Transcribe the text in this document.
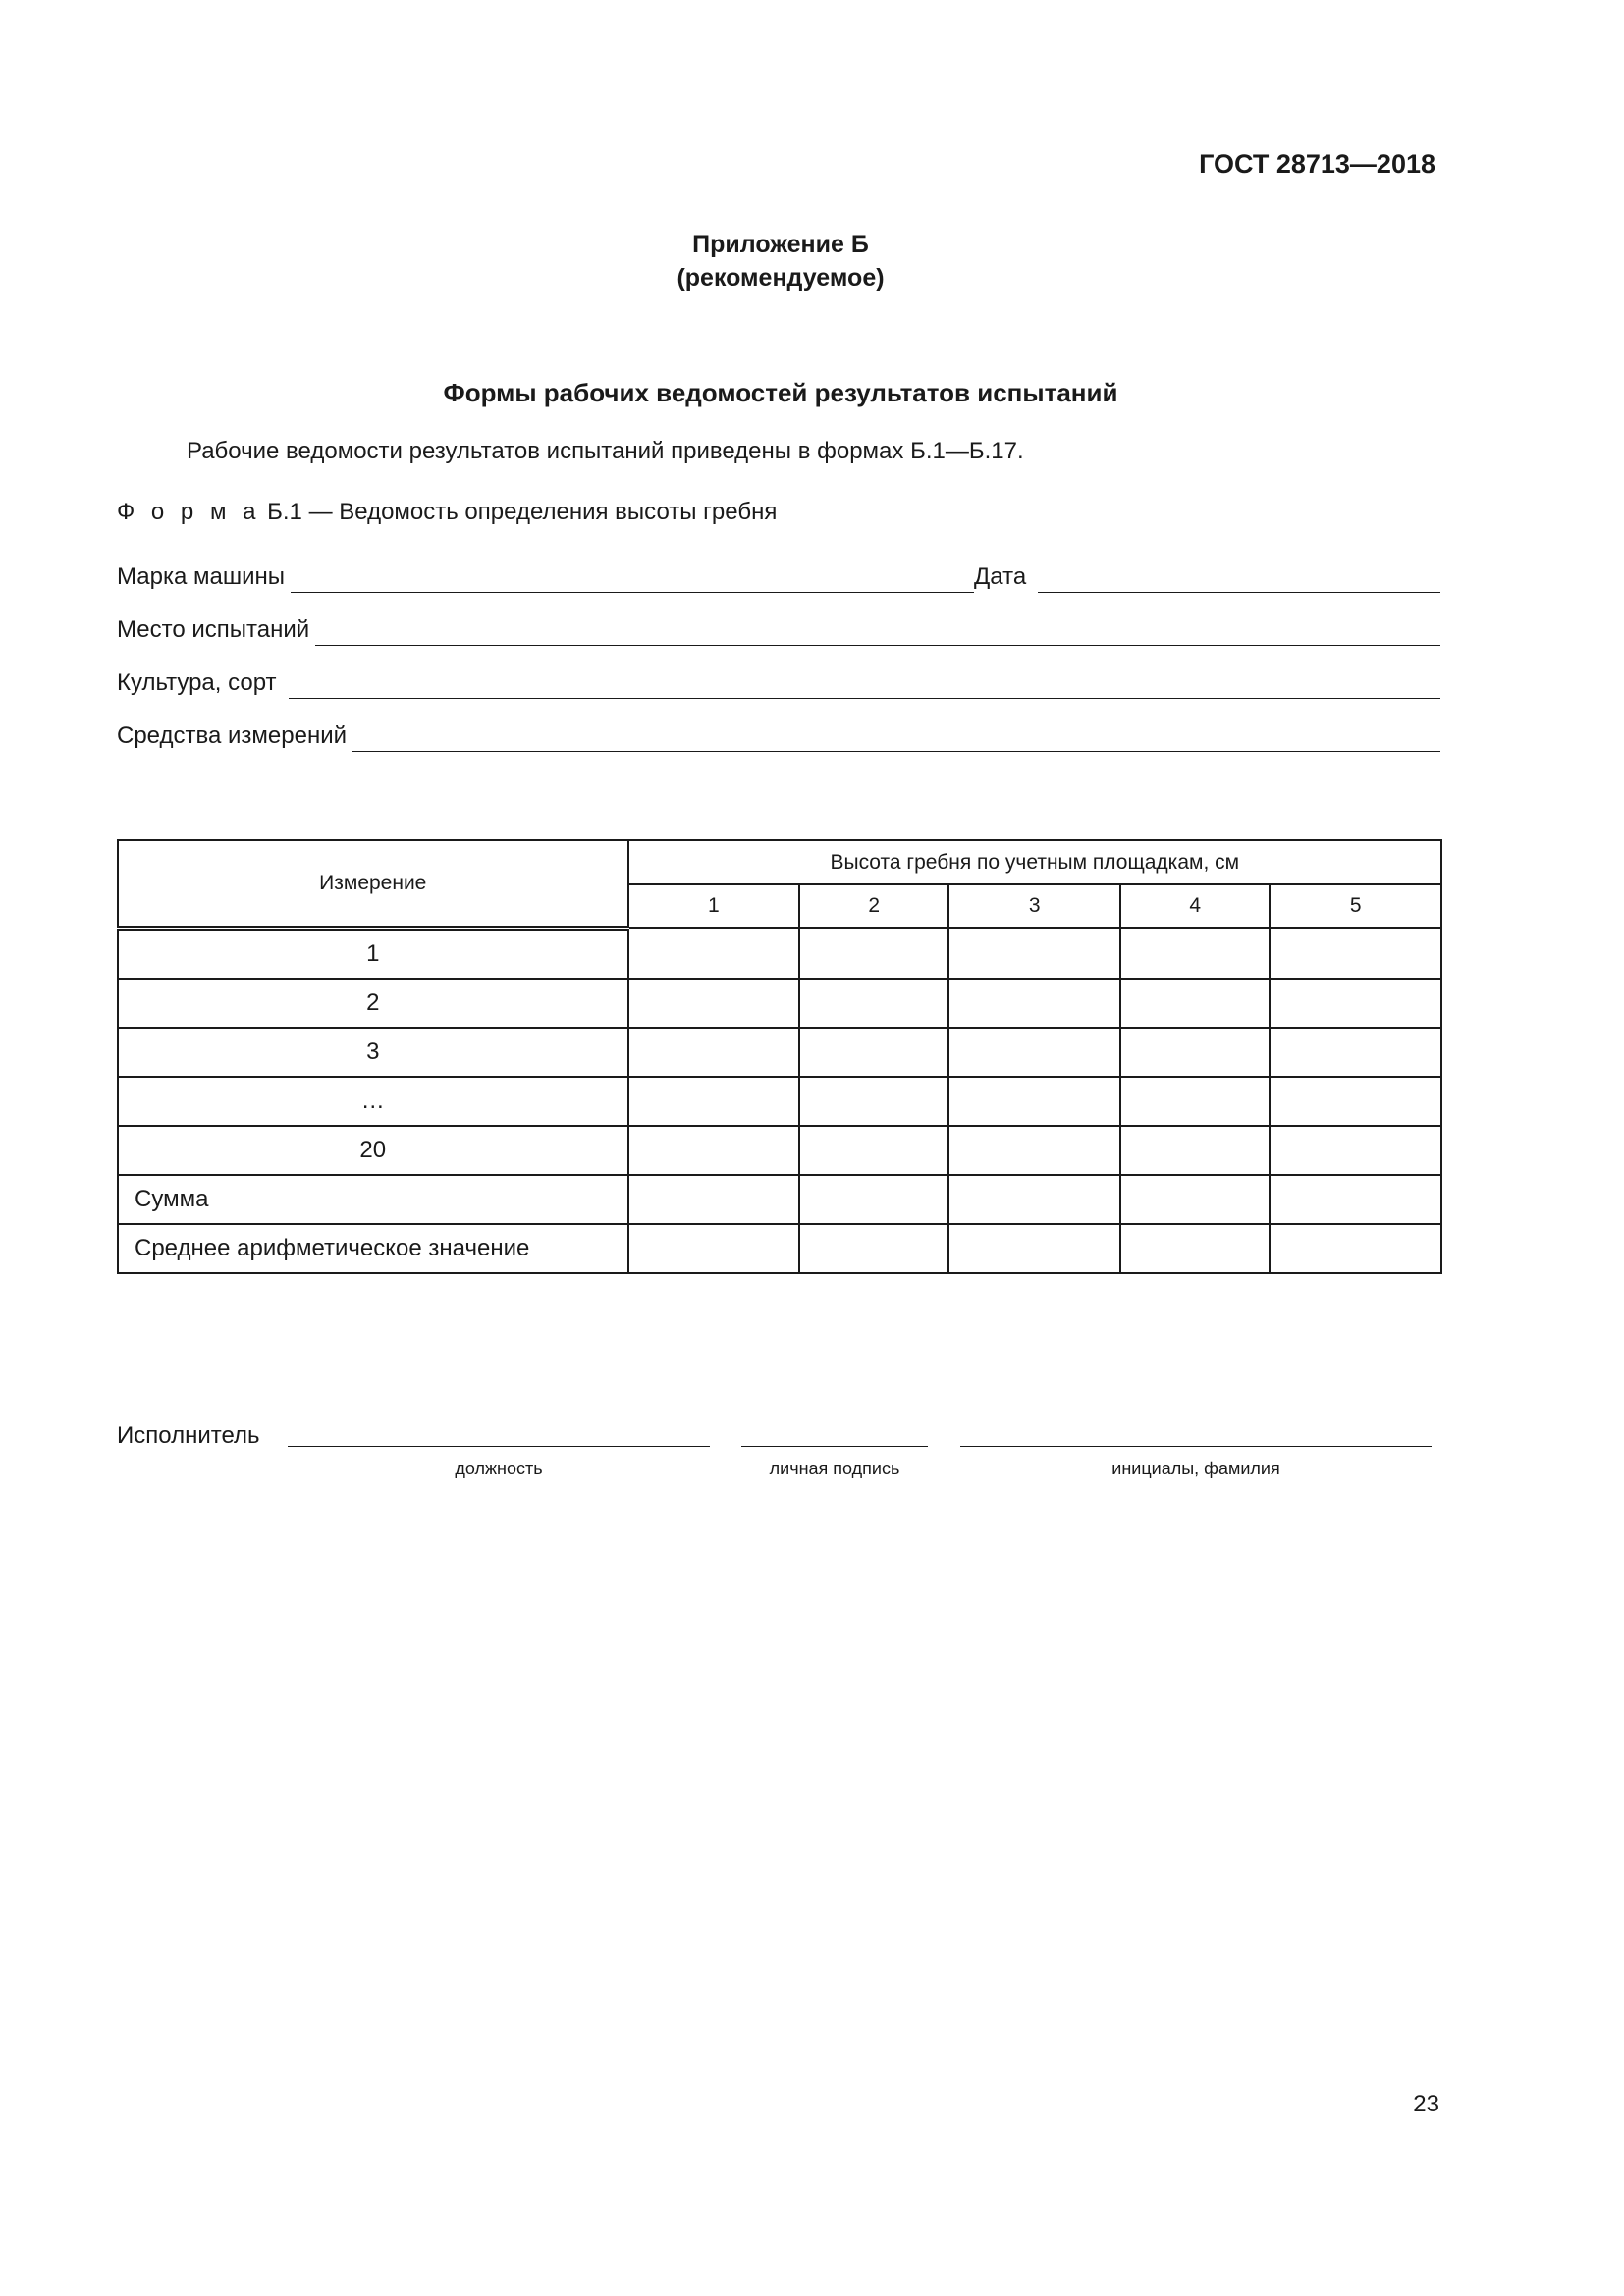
ГОСТ 28713—2018
Приложение Б
(рекомендуемое)
Формы рабочих ведомостей результатов испытаний
Рабочие ведомости результатов испытаний приведены в формах Б.1—Б.17.
Ф о р м а Б.1 — Ведомость определения высоты гребня
Марка машины	Дата
Место испытаний
Культура, сорт
Средства измерений
Измерение	Высота гребня по учетным площадкам, см				
	1	2	3	4	5
1					
2					
3					
…					
20					
Сумма					
Среднее арифметическое значение					
Исполнитель
должность	личная подпись	инициалы, фамилия
23
